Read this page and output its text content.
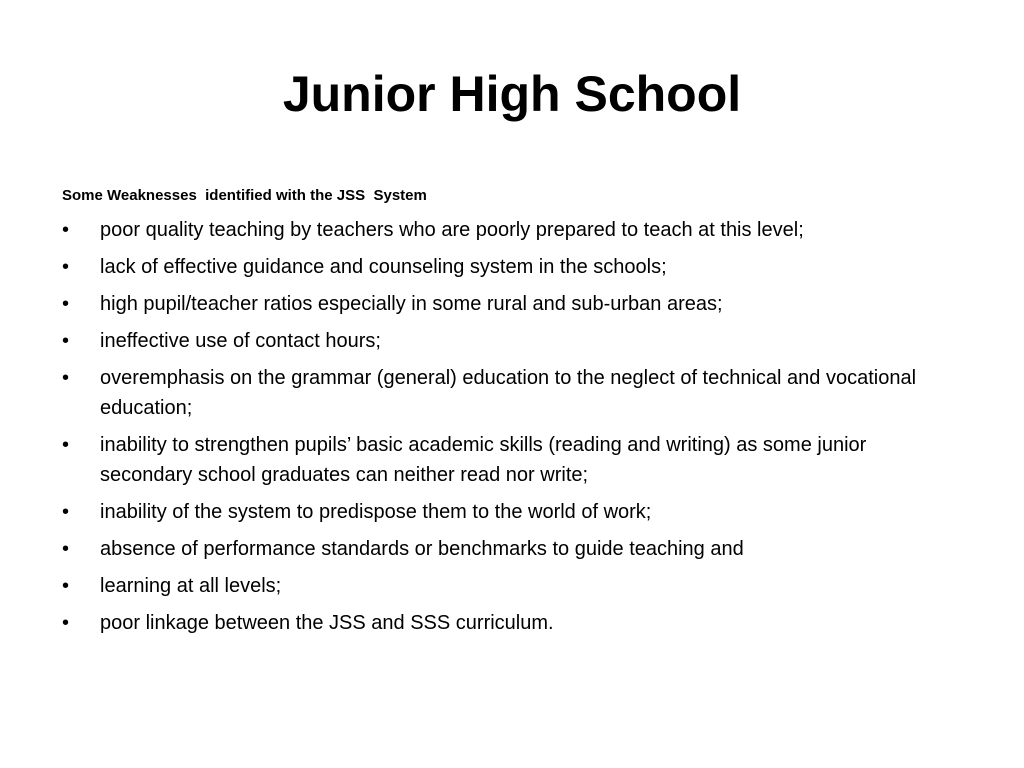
Junior High School

Some Weaknesses  identified with the JSS  System

•	poor quality teaching by teachers who are poorly prepared to teach at this level;
•	lack of effective guidance and counseling system in the schools;
•	high pupil/teacher ratios especially in some rural and sub-urban areas;
•	ineffective use of contact hours;
•	overemphasis on the grammar (general) education to the neglect of technical and vocational education;
•	inability to strengthen pupils’ basic academic skills (reading and writing) as some junior secondary school graduates can neither read nor write;
•	inability of the system to predispose them to the world of work;
•	absence of performance standards or benchmarks to guide teaching and
•	learning at all levels;
•	poor linkage between the JSS and SSS curriculum.
